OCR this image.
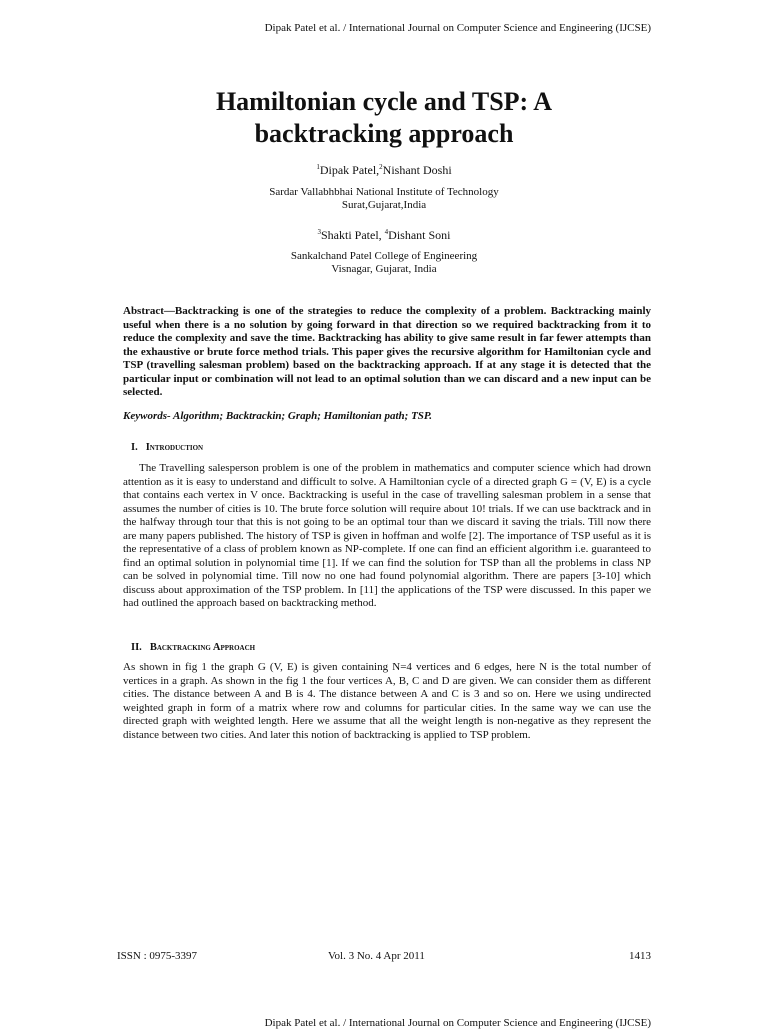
Dipak Patel et al. / International Journal on Computer Science and Engineering (IJCSE)
Hamiltonian cycle and TSP: A
backtracking approach
$^1$Dipak Patel,$^2$Nishant Doshi
Sardar Vallabhbhai National Institute of Technology
Surat,Gujarat,India
$^3$Shakti Patel, $^4$Dishant Soni
Sankalchand Patel College of Engineering
Visnagar, Gujarat, India
Abstract—Backtracking is one of the strategies to reduce the complexity of a problem. Backtracking mainly useful when there is a no solution by going forward in that direction so we required backtracking from it to reduce the complexity and save the time. Backtracking has ability to give same result in far fewer attempts than the exhaustive or brute force method trials. This paper gives the recursive algorithm for Hamiltonian cycle and TSP (travelling salesman problem) based on the backtracking approach. If at any stage it is detected that the particular input or combination will not lead to an optimal solution than we can discard and a new input can be selected.
Keywords- Algorithm; Backtrackin; Graph; Hamiltonian path; TSP.
I. Introduction
The Travelling salesperson problem is one of the problem in mathematics and computer science which had drown attention as it is easy to understand and difficult to solve. A Hamiltonian cycle of a directed graph G = (V, E) is a cycle that contains each vertex in V once. Backtracking is useful in the case of travelling salesman problem in a sense that assumes the number of cities is 10. The brute force solution will require about 10! trials. If we can use backtrack and in the halfway through tour that this is not going to be an optimal tour than we discard it saving the trials. Till now there are many papers published. The history of TSP is given in hoffman and wolfe [2]. The importance of TSP useful as it is the representative of a class of problem known as NP-complete. If one can find an efficient algorithm i.e. guaranteed to find an optimal solution in polynomial time [1]. If we can find the solution for TSP than all the problems in class NP can be solved in polynomial time. Till now no one had found polynomial algorithm. There are papers [3-10] which discuss about approximation of the TSP problem. In [11] the applications of the TSP were discussed. In this paper we had outlined the approach based on backtracking method.
II. Backtracking Approach
As shown in fig 1 the graph G (V, E) is given containing N=4 vertices and 6 edges, here N is the total number of vertices in a graph. As shown in the fig 1 the four vertices A, B, C and D are given. We can consider them as different cities. The distance between A and B is 4. The distance between A and C is 3 and so on. Here we using undirected weighted graph in form of a matrix where row and columns for particular cities. In the same way we can use the directed graph with weighted length. Here we assume that all the weight length is non-negative as they represent the distance between two cities. And later this notion of backtracking is applied to TSP problem.
ISSN : 0975-3397	Vol. 3 No. 4 Apr 2011	1413
Dipak Patel et al. / International Journal on Computer Science and Engineering (IJCSE)
